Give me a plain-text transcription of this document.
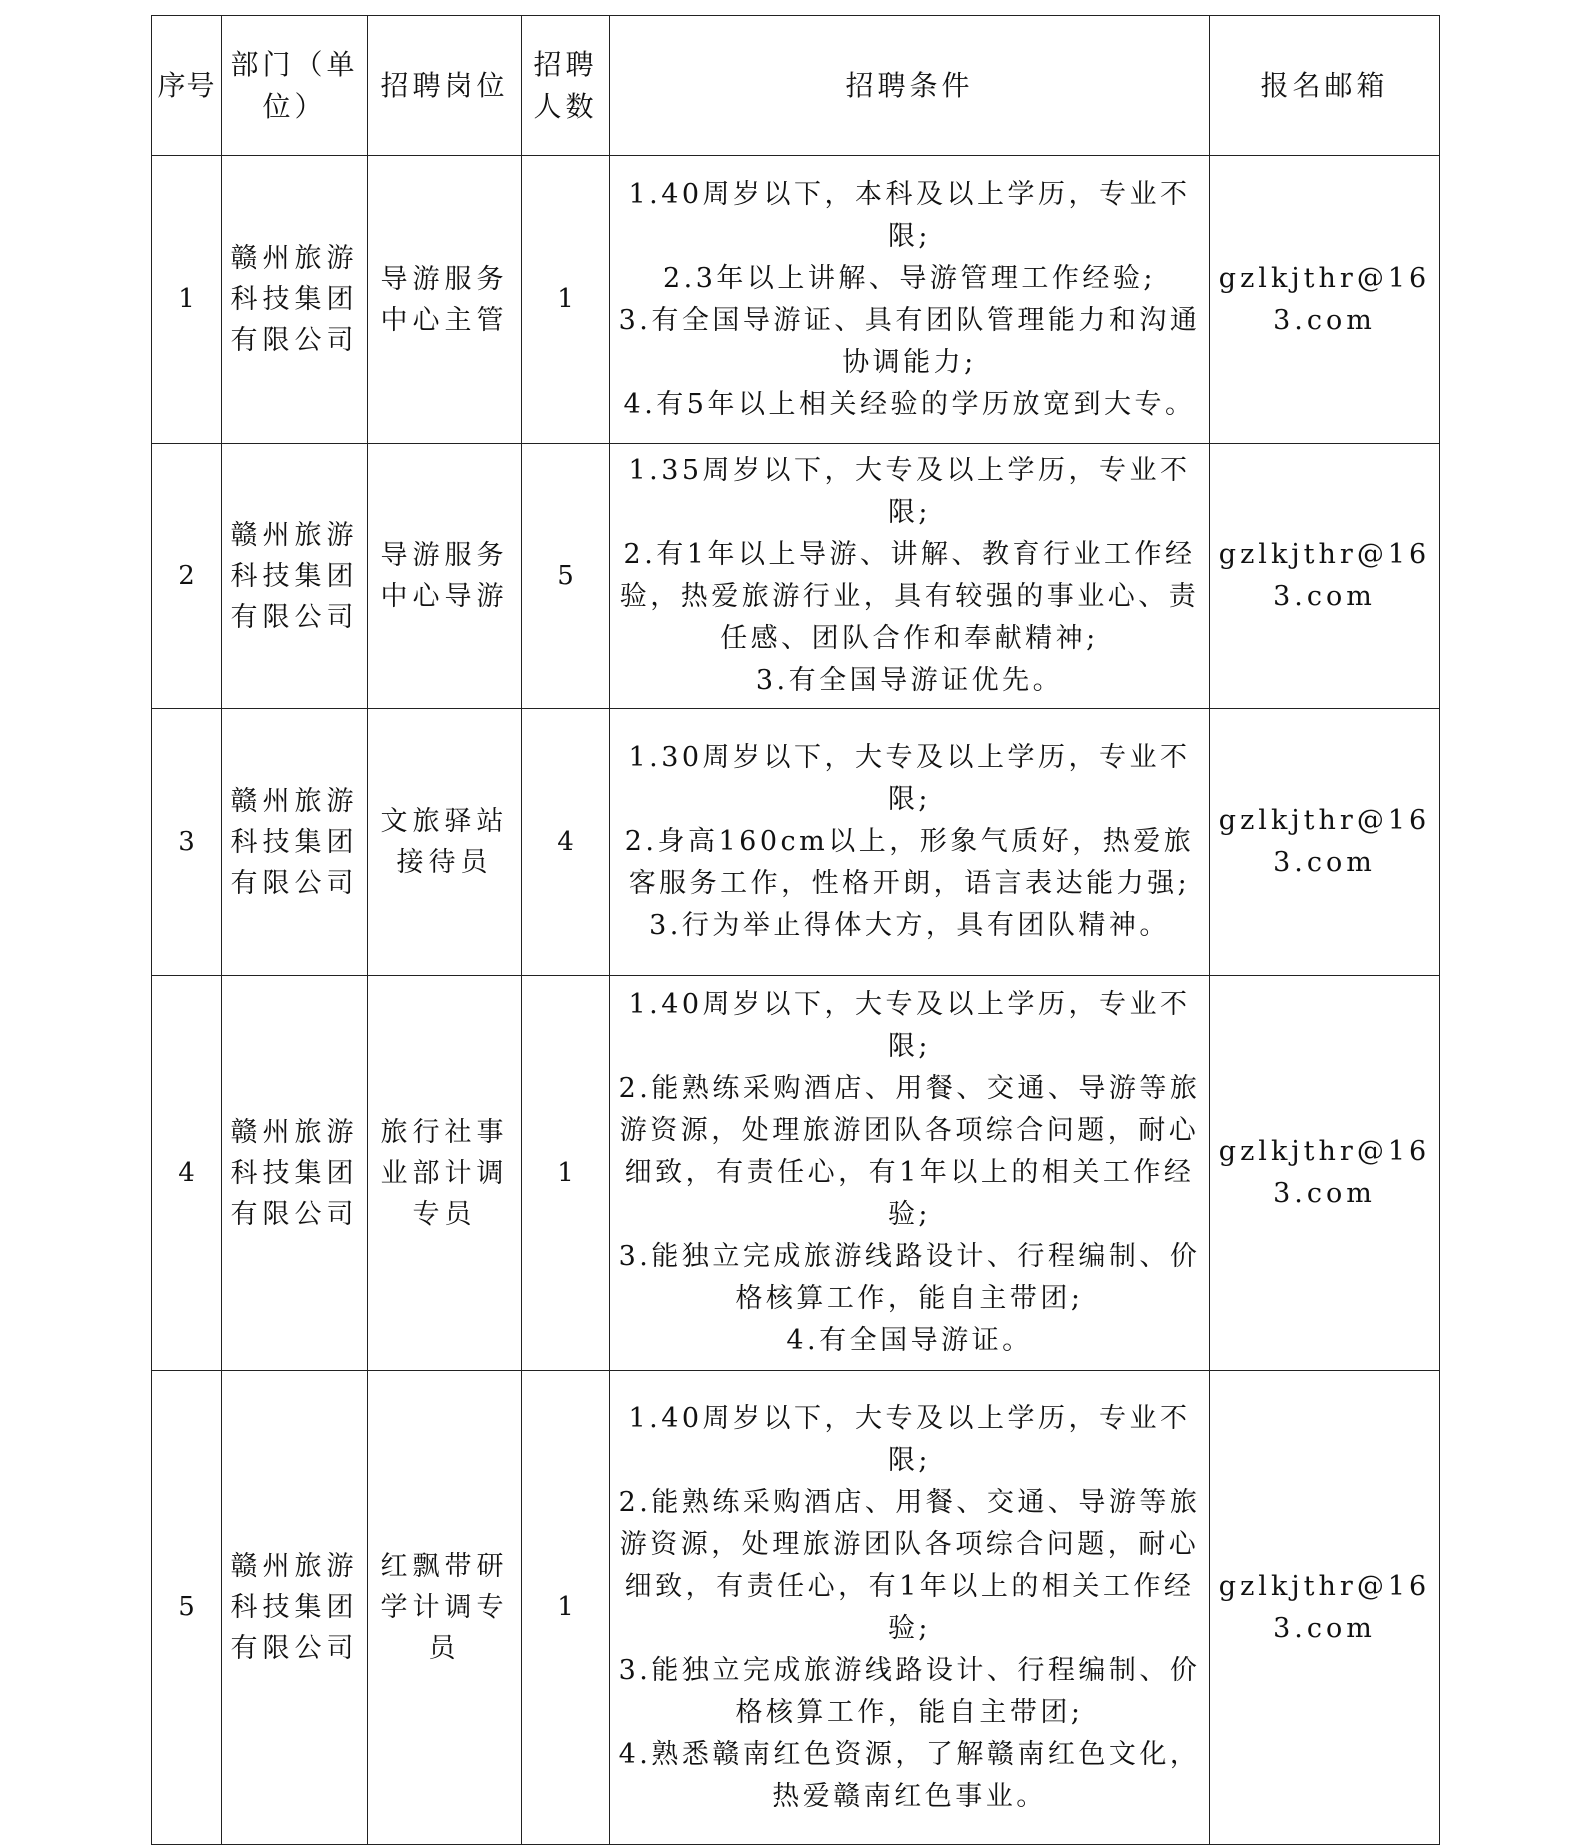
序号	部门（单位）	招聘岗位	招聘人数	招聘条件	报名邮箱
1	赣州旅游科技集团有限公司	导游服务中心主管	1	1.40周岁以下，本科及以上学历，专业不限;
2.3年以上讲解、导游管理工作经验;
3.有全国导游证、具有团队管理能力和沟通协调能力;
4.有5年以上相关经验的学历放宽到大专。	gzlkjthr@163.com
2	赣州旅游科技集团有限公司	导游服务中心导游	5	1.35周岁以下，大专及以上学历，专业不限;
2.有1年以上导游、讲解、教育行业工作经验，热爱旅游行业，具有较强的事业心、责任感、团队合作和奉献精神;
3.有全国导游证优先。	gzlkjthr@163.com
3	赣州旅游科技集团有限公司	文旅驿站接待员	4	1.30周岁以下，大专及以上学历，专业不限;
2.身高160cm以上，形象气质好，热爱旅客服务工作，性格开朗，语言表达能力强;
3.行为举止得体大方，具有团队精神。	gzlkjthr@163.com
4	赣州旅游科技集团有限公司	旅行社事业部计调专员	1	1.40周岁以下，大专及以上学历，专业不限;
2.能熟练采购酒店、用餐、交通、导游等旅游资源，处理旅游团队各项综合问题，耐心细致，有责任心，有1年以上的相关工作经验;
3.能独立完成旅游线路设计、行程编制、价格核算工作，能自主带团;
4.有全国导游证。	gzlkjthr@163.com
5	赣州旅游科技集团有限公司	红飘带研学计调专员	1	1.40周岁以下，大专及以上学历，专业不限;
2.能熟练采购酒店、用餐、交通、导游等旅游资源，处理旅游团队各项综合问题，耐心细致，有责任心，有1年以上的相关工作经验;
3.能独立完成旅游线路设计、行程编制、价格核算工作，能自主带团;
4.熟悉赣南红色资源，了解赣南红色文化，热爱赣南红色事业。	gzlkjthr@163.com
